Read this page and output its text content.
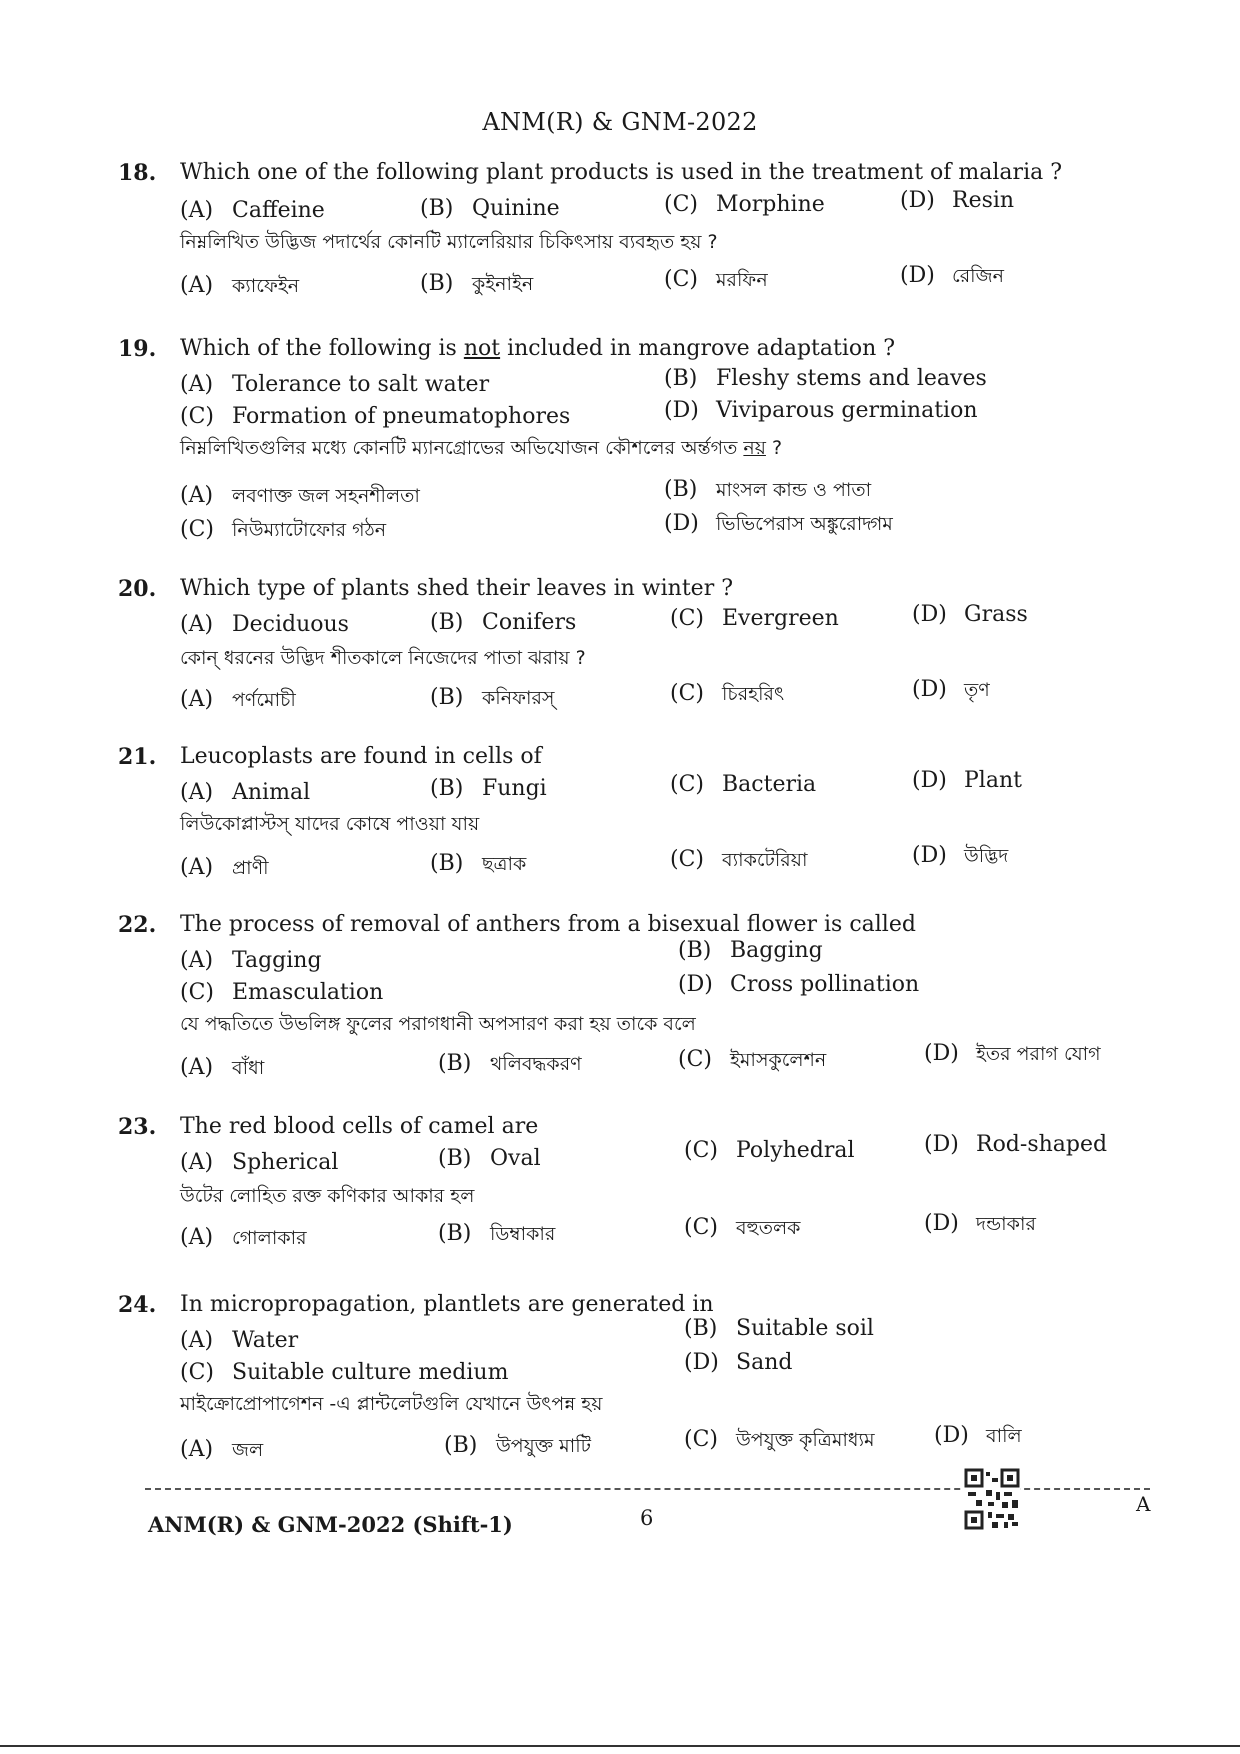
ANM(R) & GNM-2022
18. Which one of the following plant products is used in the treatment of malaria ?
(A) Caffeine	(B) Quinine	(C) Morphine	(D) Resin
নিম্নলিখিত উদ্ভিজ পদার্থের কোনটি ম্যালেরিয়ার চিকিৎসায় ব্যবহৃত হয় ?
(A) ক্যাফেইন	(B) কুইনাইন	(C) মরফিন	(D) রেজিন
19. Which of the following is not included in mangrove adaptation ?
(A) Tolerance to salt water	(B) Fleshy stems and leaves
(C) Formation of pneumatophores	(D) Viviparous germination
নিম্নলিখিতগুলির মধ্যে কোনটি ম্যানগ্রোভের অভিযোজন কৌশলের অর্ন্তগত নয় ?
(A) লবণাক্ত জল সহনশীলতা	(B) মাংসল কান্ড ও পাতা
(C) নিউম্যাটোফোর গঠন	(D) ভিভিপেরাস অঙ্কুরোদ্গম
20. Which type of plants shed their leaves in winter ?
(A) Deciduous	(B) Conifers	(C) Evergreen	(D) Grass
কোন্ ধরনের উদ্ভিদ শীতকালে নিজেদের পাতা ঝরায় ?
(A) পর্ণমোচী	(B) কনিফারস্	(C) চিরহরিৎ	(D) তৃণ
21. Leucoplasts are found in cells of
(A) Animal	(B) Fungi	(C) Bacteria	(D) Plant
লিউকোপ্লাস্টস্ যাদের কোষে পাওয়া যায়
(A) প্রাণী	(B) ছত্রাক	(C) ব্যাকটেরিয়া	(D) উদ্ভিদ
22. The process of removal of anthers from a bisexual flower is called
(A) Tagging	(B) Bagging
(C) Emasculation	(D) Cross pollination
যে পদ্ধতিতে উভলিঙ্গ ফুলের পরাগধানী অপসারণ করা হয় তাকে বলে
(A) বাঁধা	(B) থলিবদ্ধকরণ	(C) ইমাসকুলেশন	(D) ইতর পরাগ যোগ
23. The red blood cells of camel are
(A) Spherical	(B) Oval	(C) Polyhedral	(D) Rod-shaped
উটের লোহিত রক্ত কণিকার আকার হল
(A) গোলাকার	(B) ডিম্বাকার	(C) বহুতলক	(D) দন্ডাকার
24. In micropropagation, plantlets are generated in
(A) Water	(B) Suitable soil
(C) Suitable culture medium	(D) Sand
মাইক্রোপ্রোপাগেশন -এ প্লান্টলেটগুলি যেখানে উৎপন্ন হয়
(A) জল	(B) উপযুক্ত মাটি	(C) উপযুক্ত কৃত্রিমাধ্যম	(D) বালি
ANM(R) & GNM-2022 (Shift-1)	6
A
